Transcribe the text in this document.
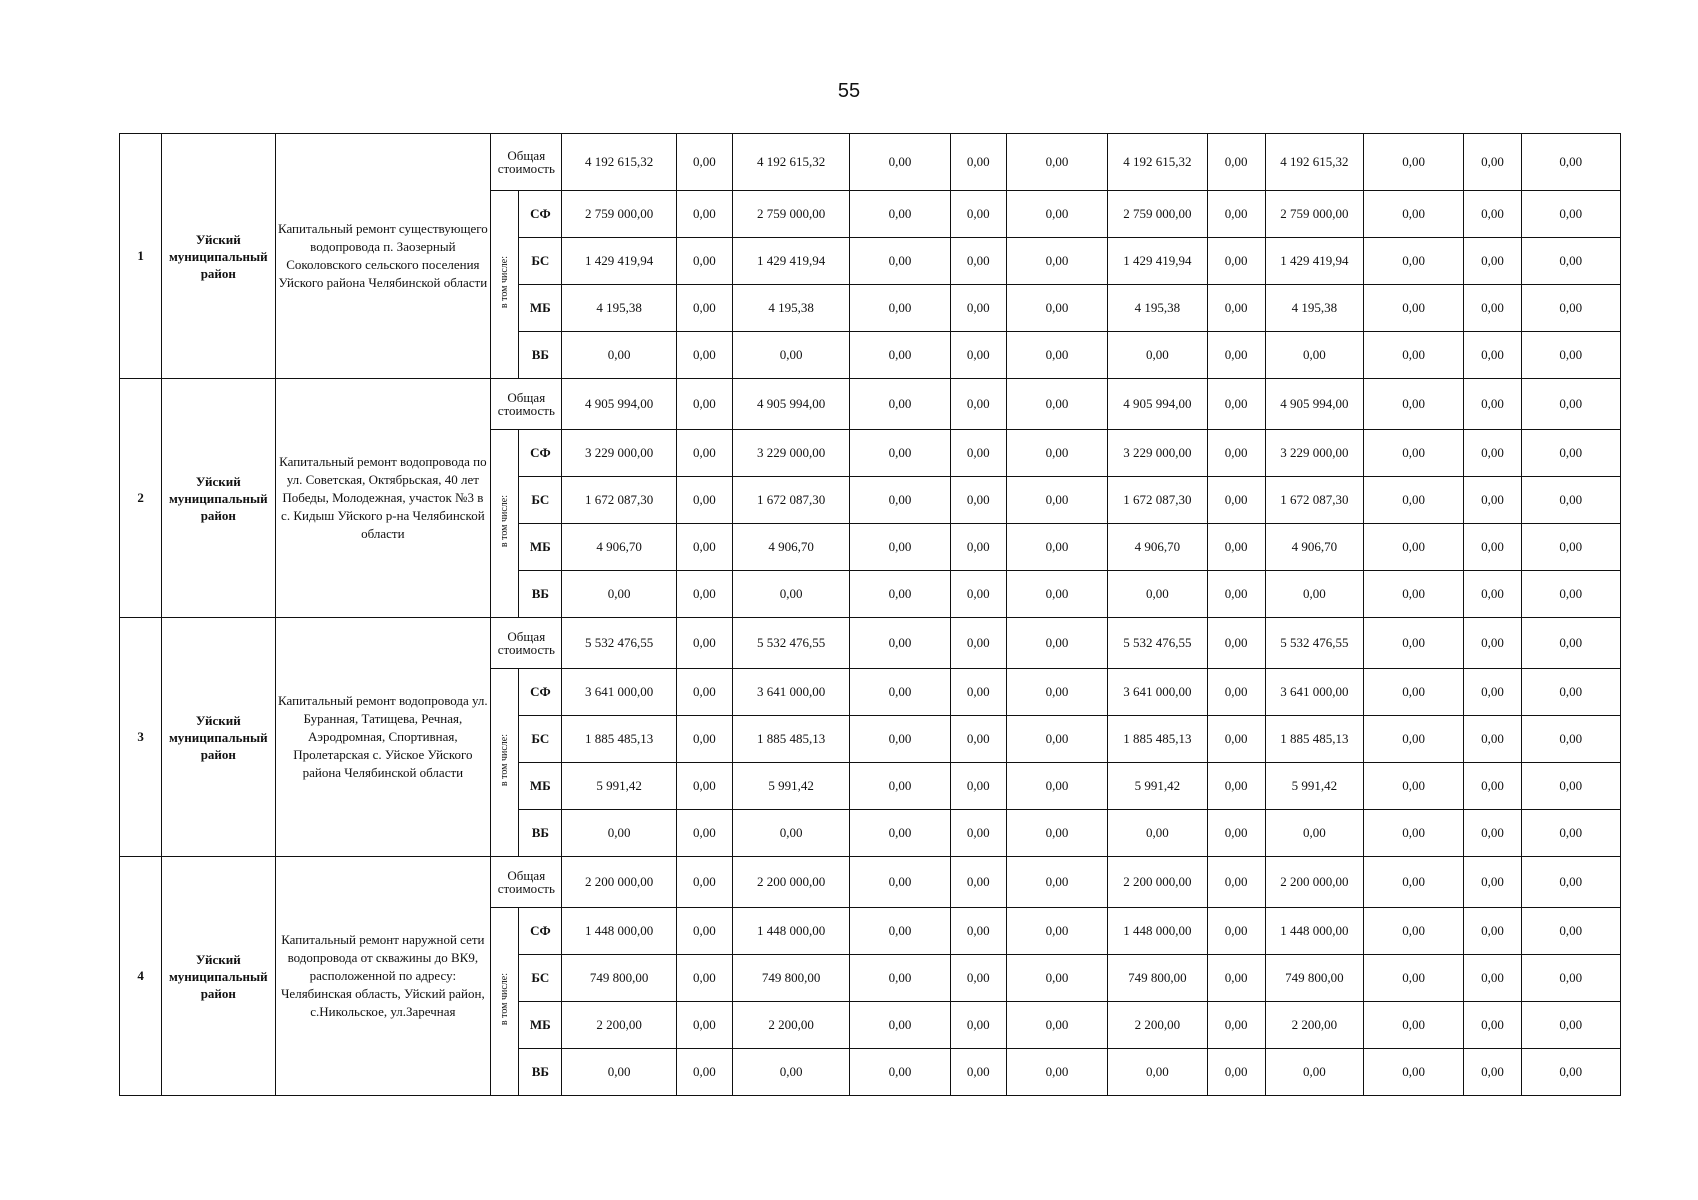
55
1	Уйский муниципальный район	Капитальный ремонт существующего водопровода п. Заозерный Соколовского сельского поселения Уйского района Челябинской области	Общая стоимость		4 192 615,32	0,00	4 192 615,32	0,00	0,00	0,00	4 192 615,32	0,00	4 192 615,32	0,00	0,00	0,00
			в том числе:	СФ	2 759 000,00	0,00	2 759 000,00	0,00	0,00	0,00	2 759 000,00	0,00	2 759 000,00	0,00	0,00	0,00
				БС	1 429 419,94	0,00	1 429 419,94	0,00	0,00	0,00	1 429 419,94	0,00	1 429 419,94	0,00	0,00	0,00
				МБ	4 195,38	0,00	4 195,38	0,00	0,00	0,00	4 195,38	0,00	4 195,38	0,00	0,00	0,00
				ВБ	0,00	0,00	0,00	0,00	0,00	0,00	0,00	0,00	0,00	0,00	0,00	0,00
2	Уйский муниципальный район	Капитальный ремонт водопровода по ул. Советская, Октябрьская, 40 лет Победы, Молодежная, участок №3 в с. Кидыш Уйского р-на Челябинской области	Общая стоимость		4 905 994,00	0,00	4 905 994,00	0,00	0,00	0,00	4 905 994,00	0,00	4 905 994,00	0,00	0,00	0,00
			в том числе:	СФ	3 229 000,00	0,00	3 229 000,00	0,00	0,00	0,00	3 229 000,00	0,00	3 229 000,00	0,00	0,00	0,00
				БС	1 672 087,30	0,00	1 672 087,30	0,00	0,00	0,00	1 672 087,30	0,00	1 672 087,30	0,00	0,00	0,00
				МБ	4 906,70	0,00	4 906,70	0,00	0,00	0,00	4 906,70	0,00	4 906,70	0,00	0,00	0,00
				ВБ	0,00	0,00	0,00	0,00	0,00	0,00	0,00	0,00	0,00	0,00	0,00	0,00
3	Уйский муниципальный район	Капитальный ремонт водопровода ул. Буранная, Татищева, Речная, Аэродромная, Спортивная, Пролетарская с. Уйское Уйского района Челябинской области	Общая стоимость		5 532 476,55	0,00	5 532 476,55	0,00	0,00	0,00	5 532 476,55	0,00	5 532 476,55	0,00	0,00	0,00
			в том числе:	СФ	3 641 000,00	0,00	3 641 000,00	0,00	0,00	0,00	3 641 000,00	0,00	3 641 000,00	0,00	0,00	0,00
				БС	1 885 485,13	0,00	1 885 485,13	0,00	0,00	0,00	1 885 485,13	0,00	1 885 485,13	0,00	0,00	0,00
				МБ	5 991,42	0,00	5 991,42	0,00	0,00	0,00	5 991,42	0,00	5 991,42	0,00	0,00	0,00
				ВБ	0,00	0,00	0,00	0,00	0,00	0,00	0,00	0,00	0,00	0,00	0,00	0,00
4	Уйский муниципальный район	Капитальный ремонт наружной сети водопровода от скважины до ВК9, расположенной по адресу: Челябинская область, Уйский район, с.Никольское, ул.Заречная	Общая стоимость		2 200 000,00	0,00	2 200 000,00	0,00	0,00	0,00	2 200 000,00	0,00	2 200 000,00	0,00	0,00	0,00
			в том числе:	СФ	1 448 000,00	0,00	1 448 000,00	0,00	0,00	0,00	1 448 000,00	0,00	1 448 000,00	0,00	0,00	0,00
				БС	749 800,00	0,00	749 800,00	0,00	0,00	0,00	749 800,00	0,00	749 800,00	0,00	0,00	0,00
				МБ	2 200,00	0,00	2 200,00	0,00	0,00	0,00	2 200,00	0,00	2 200,00	0,00	0,00	0,00
				ВБ	0,00	0,00	0,00	0,00	0,00	0,00	0,00	0,00	0,00	0,00	0,00	0,00
